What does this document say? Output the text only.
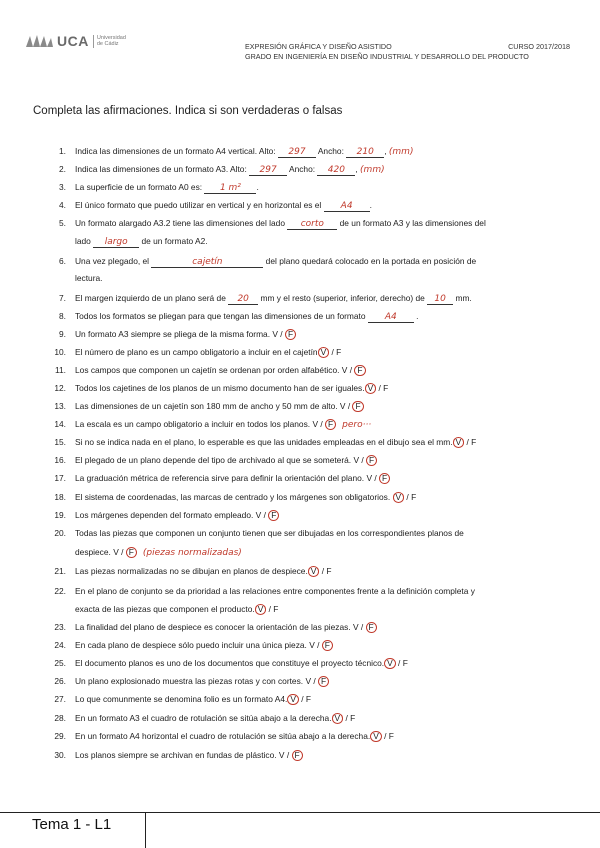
UCA Universidad
de Cádiz	EXPRESIÓN GRÁFICA Y DISEÑO ASISTIDO	CURSO 2017/2018
GRADO EN INGENIERÍA EN DISEÑO INDUSTRIAL Y DESARROLLO DEL PRODUCTO
Completa las afirmaciones. Indica si son verdaderas o falsas
1. Indica las dimensiones de un formato A4 vertical. Alto: 297 Ancho: 210 , (mm)
2. Indica las dimensiones de un formato A3. Alto: 297 Ancho: 420 , (mm)
3. La superficie de un formato A0 es: 1 m² .
4. El único formato que puedo utilizar en vertical y en horizontal es el A4 .
5. Un formato alargado A3.2 tiene las dimensiones del lado corto de un formato A3 y las dimensiones del
lado largo de un formato A2.
6. Una vez plegado, el	cajetín	del plano quedará colocado en la portada en posición de
lectura.
7. El margen izquierdo de un plano será de 20 mm y el resto (superior, inferior, derecho) de 10 mm.
8. Todos los formatos se pliegan para que tengan las dimensiones de un formato A4 .
9. Un formato A3 siempre se pliega de la misma forma. V / F
10. El número de plano es un campo obligatorio a incluir en el cajetín V / F
11. Los campos que componen un cajetín se ordenan por orden alfabético. V / F
12. Todos los cajetines de los planos de un mismo documento han de ser iguales. V / F
13. Las dimensiones de un cajetín son 180 mm de ancho y 50 mm de alto. V / F
14. La escala es un campo obligatorio a incluir en todos los planos. V / F pero···
15. Si no se indica nada en el plano, lo esperable es que las unidades empleadas en el dibujo sea el mm. V / F
16. El plegado de un plano depende del tipo de archivado al que se someterá. V / F
17. La graduación métrica de referencia sirve para definir la orientación del plano. V / F
18. El sistema de coordenadas, las marcas de centrado y los márgenes son obligatorios. V / F
19. Los márgenes dependen del formato empleado. V / F
20. Todas las piezas que componen un conjunto tienen que ser dibujadas en los correspondientes planos de
despiece. V / F (piezas normalizadas)
21. Las piezas normalizadas no se dibujan en planos de despiece. V / F
22. En el plano de conjunto se da prioridad a las relaciones entre componentes frente a la definición completa y
exacta de las piezas que componen el producto. V / F
23. La finalidad del plano de despiece es conocer la orientación de las piezas. V / F
24. En cada plano de despiece sólo puedo incluir una única pieza. V / F
25. El documento planos es uno de los documentos que constituye el proyecto técnico. V / F
26. Un plano explosionado muestra las piezas rotas y con cortes. V / F
27. Lo que comunmente se denomina folio es un formato A4. V / F
28. En un formato A3 el cuadro de rotulación se sitúa abajo a la derecha. V / F
29. En un formato A4 horizontal el cuadro de rotulación se sitúa abajo a la derecha. V / F
30. Los planos siempre se archivan en fundas de plástico. V / F
Tema 1 - L1
